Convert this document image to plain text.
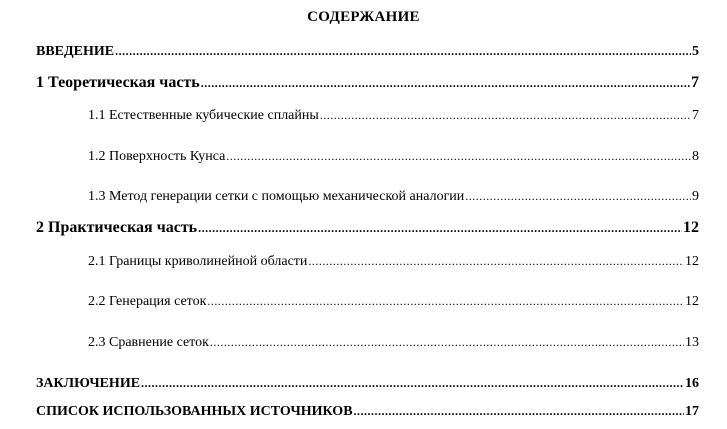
СОДЕРЖАНИЕ
ВВЕДЕНИЕ .....	5
1 Теоретическая часть .....	7
1.1 Естественные кубические сплайны .....	7
1.2 Поверхность Кунса .....	8
1.3 Метод генерации сетки с помощью механической аналогии .....	9
2 Практическая часть .....	12
2.1 Границы криволинейной области .....	12
2.2 Генерация сеток .....	12
2.3 Сравнение сеток .....	13
ЗАКЛЮЧЕНИЕ .....	16
СПИСОК ИСПОЛЬЗОВАННЫХ ИСТОЧНИКОВ .....	17
